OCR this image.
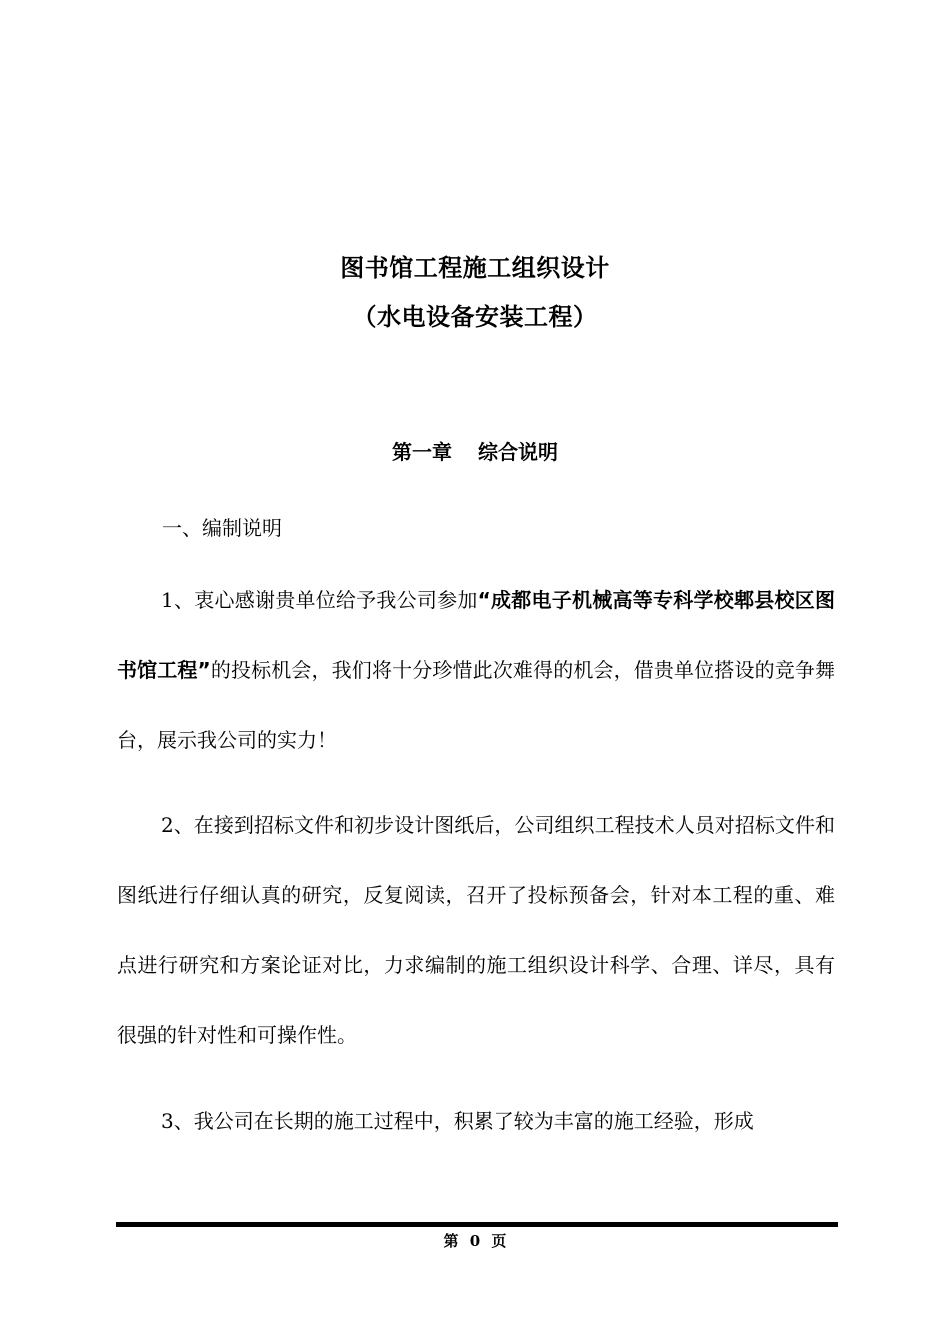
图书馆工程施工组织设计
（水电设备安装工程）
第一章 综合说明
一、编制说明
1、衷心感谢贵单位给予我公司参加“成都电子机械高等专科学校郫县校区图书馆工程”的投标机会，我们将十分珍惜此次难得的机会，借贵单位搭设的竞争舞台，展示我公司的实力！
2、在接到招标文件和初步设计图纸后，公司组织工程技术人员对招标文件和图纸进行仔细认真的研究，反复阅读，召开了投标预备会，针对本工程的重、难点进行研究和方案论证对比，力求编制的施工组织设计科学、合理、详尽，具有很强的针对性和可操作性。
3、我公司在长期的施工过程中，积累了较为丰富的施工经验，形成
第 0 页
